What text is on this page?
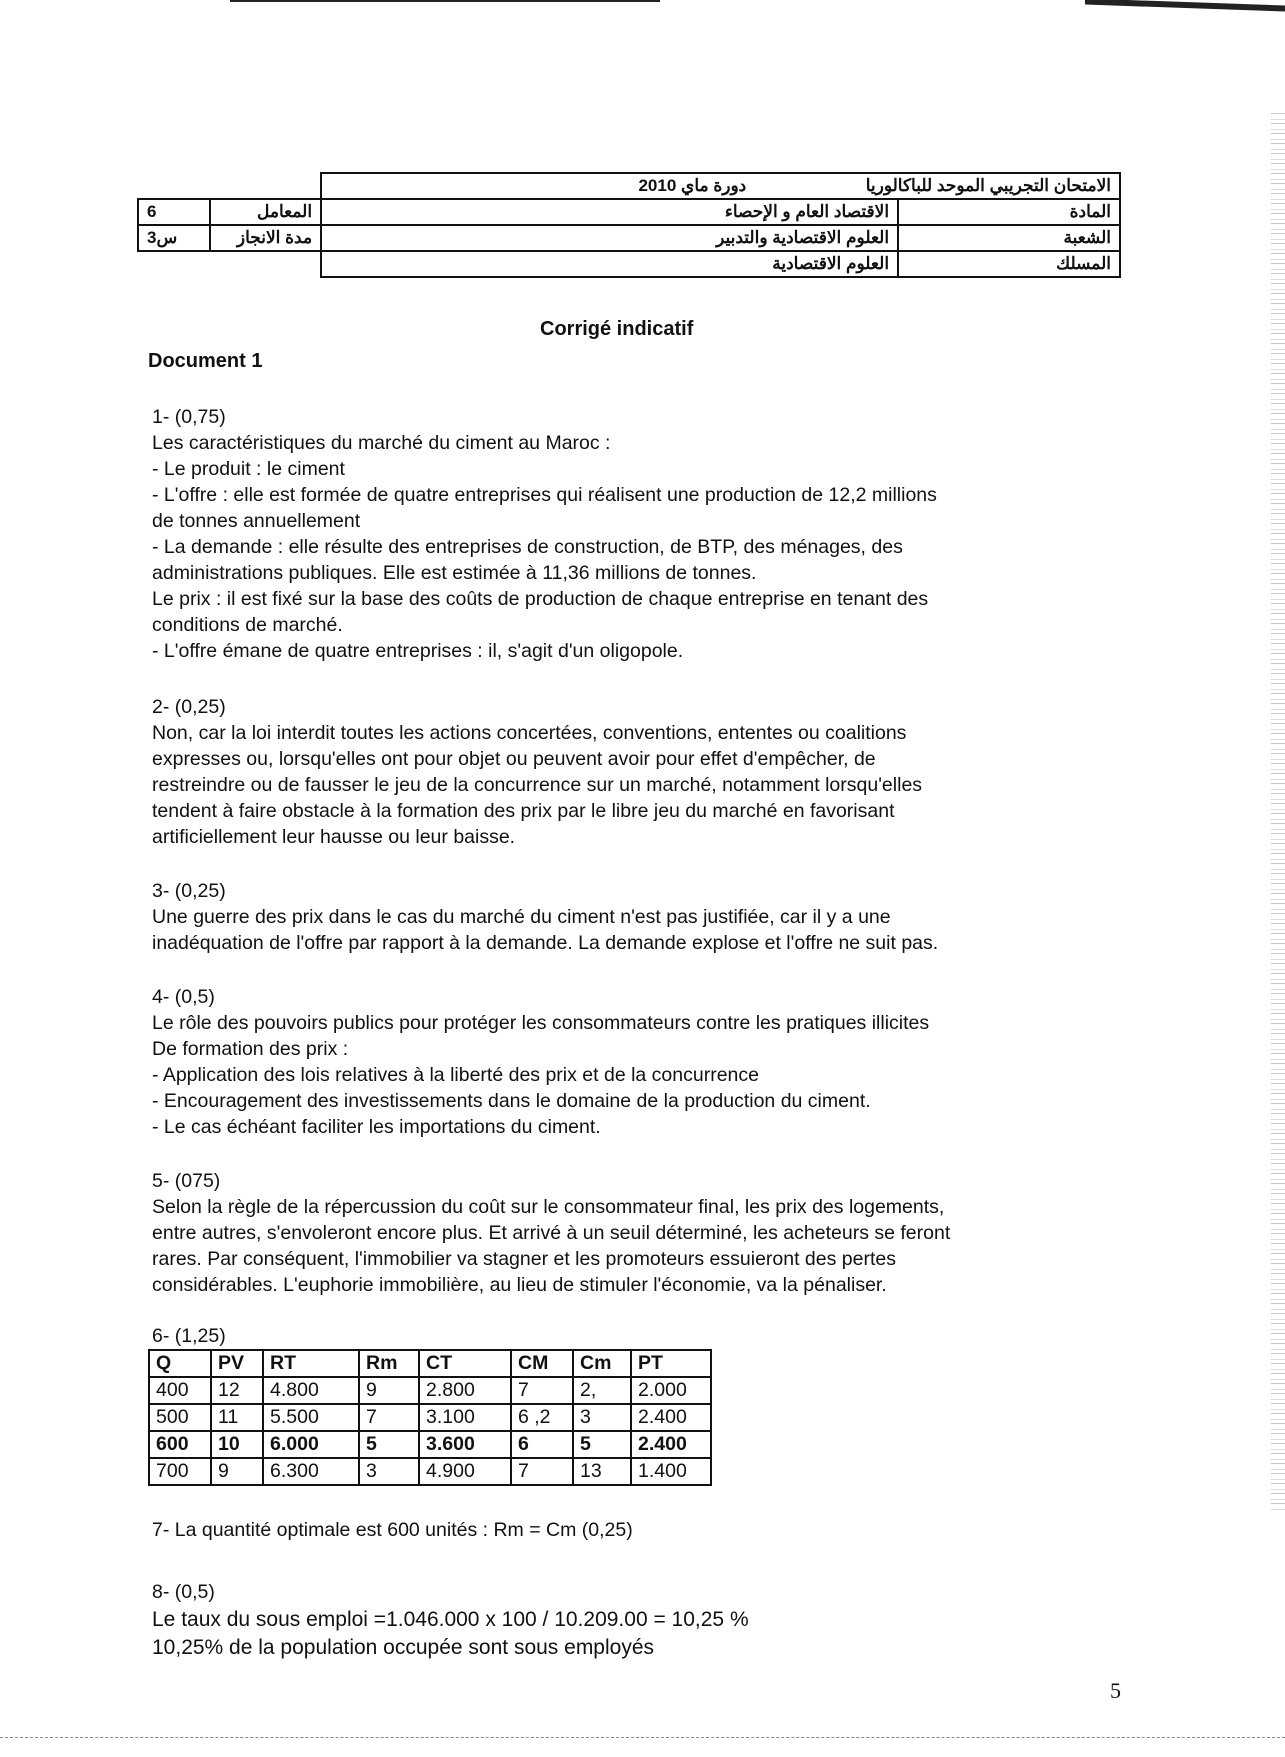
		الامتحان التجريبي الموحد للباكالوريا  دورة ماي 2010	
6	المعامل	الاقتصاد العام و الإحصاء	المادة
3س	مدة الانجاز	العلوم الاقتصادية والتدبير	الشعبة
		العلوم الاقتصادية	المسلك
Corrigé indicatif
Document 1

1- (0,75)

Les caractéristiques du marché du ciment au Maroc :

- Le produit : le ciment

- L'offre : elle est formée de quatre entreprises qui réalisent une production de 12,2 millions

de tonnes annuellement

- La demande : elle résulte des entreprises de construction, de BTP, des ménages, des

administrations publiques. Elle est estimée à 11,36 millions de tonnes.

Le prix : il est fixé sur la base des coûts de production de chaque entreprise en tenant des

conditions de marché.

- L'offre émane de quatre entreprises : il, s'agit d'un oligopole.

2- (0,25)

Non, car la loi interdit toutes les actions concertées, conventions, ententes ou coalitions

expresses ou, lorsqu'elles ont pour objet ou peuvent avoir pour effet d'empêcher, de

restreindre ou de fausser le jeu de la concurrence sur un marché, notamment lorsqu'elles

tendent à faire obstacle à la formation des prix par le libre jeu du marché en favorisant

artificiellement leur hausse ou leur baisse.

3- (0,25)

Une guerre des prix dans le cas du marché du ciment n'est pas justifiée, car il y a une

inadéquation de l'offre par rapport à la demande. La demande explose et l'offre ne suit pas.

4- (0,5)

Le rôle des pouvoirs publics pour protéger les consommateurs contre les pratiques illicites

De formation des prix :

- Application des lois relatives à la liberté des prix et de la concurrence

- Encouragement des investissements dans le domaine de la production du ciment.

- Le cas échéant faciliter les importations du ciment.

5- (075)

Selon la règle de la répercussion du coût sur le consommateur final, les prix des logements,

entre autres, s'envoleront encore plus. Et arrivé à un seuil déterminé, les acheteurs se feront

rares. Par conséquent, l'immobilier va stagner et les promoteurs essuieront des pertes

considérables. L'euphorie immobilière, au lieu de stimuler l'économie, va la pénaliser.

6- (1,25)
Q	PV	RT	Rm	CT	CM	Cm	PT
400	12	4.800	9	2.800	7	2,	2.000
500	11	5.500	7	3.100	6 ,2	3	2.400
600	10	6.000	5	3.600	6	5	2.400
700	9	6.300	3	4.900	7	13	1.400
7- La quantité optimale est 600 unités : Rm = Cm (0,25)

8- (0,5)

Le taux du sous emploi =1.046.000 x 100 / 10.209.00 = 10,25 %

10,25% de la population occupée sont sous employés

5
